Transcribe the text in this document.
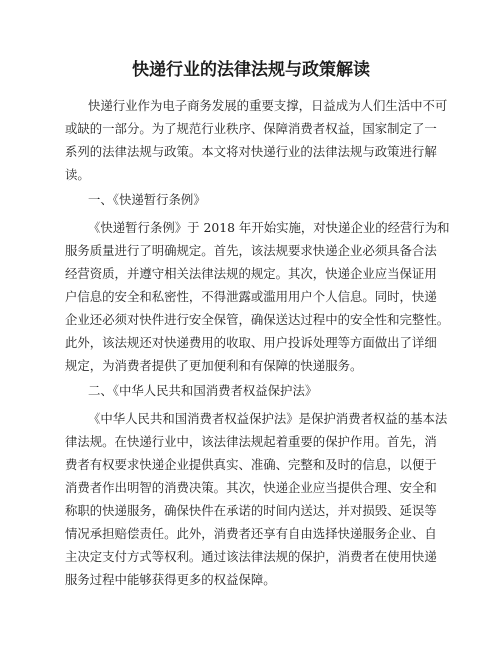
快递行业的法律法规与政策解读
快递行业作为电子商务发展的重要支撑，日益成为人们生活中不可
或缺的一部分。为了规范行业秩序、保障消费者权益，国家制定了一
系列的法律法规与政策。本文将对快递行业的法律法规与政策进行解
读。
一、《快递暂行条例》
《快递暂行条例》于 2018 年开始实施，对快递企业的经营行为和
服务质量进行了明确规定。首先，该法规要求快递企业必须具备合法
经营资质，并遵守相关法律法规的规定。其次，快递企业应当保证用
户信息的安全和私密性，不得泄露或滥用用户个人信息。同时，快递
企业还必须对快件进行安全保管，确保送达过程中的安全性和完整性。
此外，该法规还对快递费用的收取、用户投诉处理等方面做出了详细
规定，为消费者提供了更加便利和有保障的快递服务。
二、《中华人民共和国消费者权益保护法》
《中华人民共和国消费者权益保护法》是保护消费者权益的基本法
律法规。在快递行业中，该法律法规起着重要的保护作用。首先，消
费者有权要求快递企业提供真实、准确、完整和及时的信息，以便于
消费者作出明智的消费决策。其次，快递企业应当提供合理、安全和
称职的快递服务，确保快件在承诺的时间内送达，并对损毁、延误等
情况承担赔偿责任。此外，消费者还享有自由选择快递服务企业、自
主决定支付方式等权利。通过该法律法规的保护，消费者在使用快递
服务过程中能够获得更多的权益保障。
